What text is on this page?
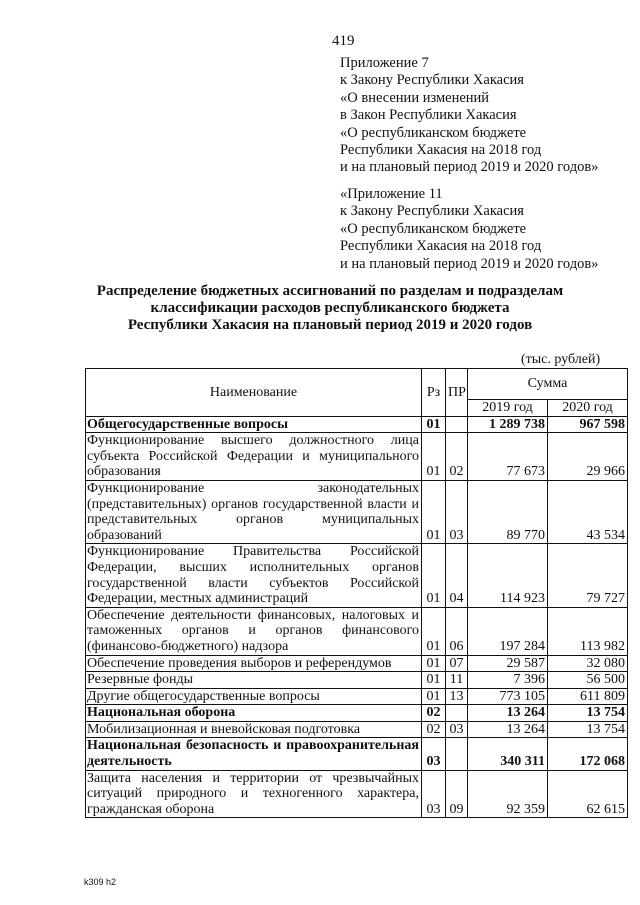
419
Приложение 7
к Закону Республики Хакасия
«О внесении изменений
в Закон Республики Хакасия
«О республиканском бюджете
Республики Хакасия на 2018 год
и на плановый период 2019 и 2020 годов»
«Приложение 11
к Закону Республики Хакасия
«О республиканском бюджете
Республики Хакасия на 2018 год
и на плановый период 2019 и 2020 годов»
Распределение бюджетных ассигнований по разделам и подразделам
классификации расходов республиканского бюджета
Республики Хакасия на плановый период 2019 и 2020 годов
(тыс. рублей)
Наименование	Рз	ПР	Сумма	
			2019 год	2020 год
Общегосударственные вопросы	01		1 289 738	967 598
Функционирование высшего должностного лица субъекта Российской Федерации и муниципального образования	01	02	77 673	29 966
Функционирование законодательных (представительных) органов государственной власти и представительных органов муниципальных образований	01	03	89 770	43 534
Функционирование Правительства Российской Федерации, высших исполнительных органов государственной власти субъектов Российской Федерации, местных администраций	01	04	114 923	79 727
Обеспечение деятельности финансовых, налоговых и таможенных органов и органов финансового (финансово-бюджетного) надзора	01	06	197 284	113 982
Обеспечение проведения выборов и референдумов	01	07	29 587	32 080
Резервные фонды	01	11	7 396	56 500
Другие общегосударственные вопросы	01	13	773 105	611 809
Национальная оборона	02		13 264	13 754
Мобилизационная и вневойсковая подготовка	02	03	13 264	13 754
Национальная безопасность и правоохранительная деятельность	03		340 311	172 068
Защита населения и территории от чрезвычайных ситуаций природного и техногенного характера, гражданская оборона	03	09	92 359	62 615
k309 h2
